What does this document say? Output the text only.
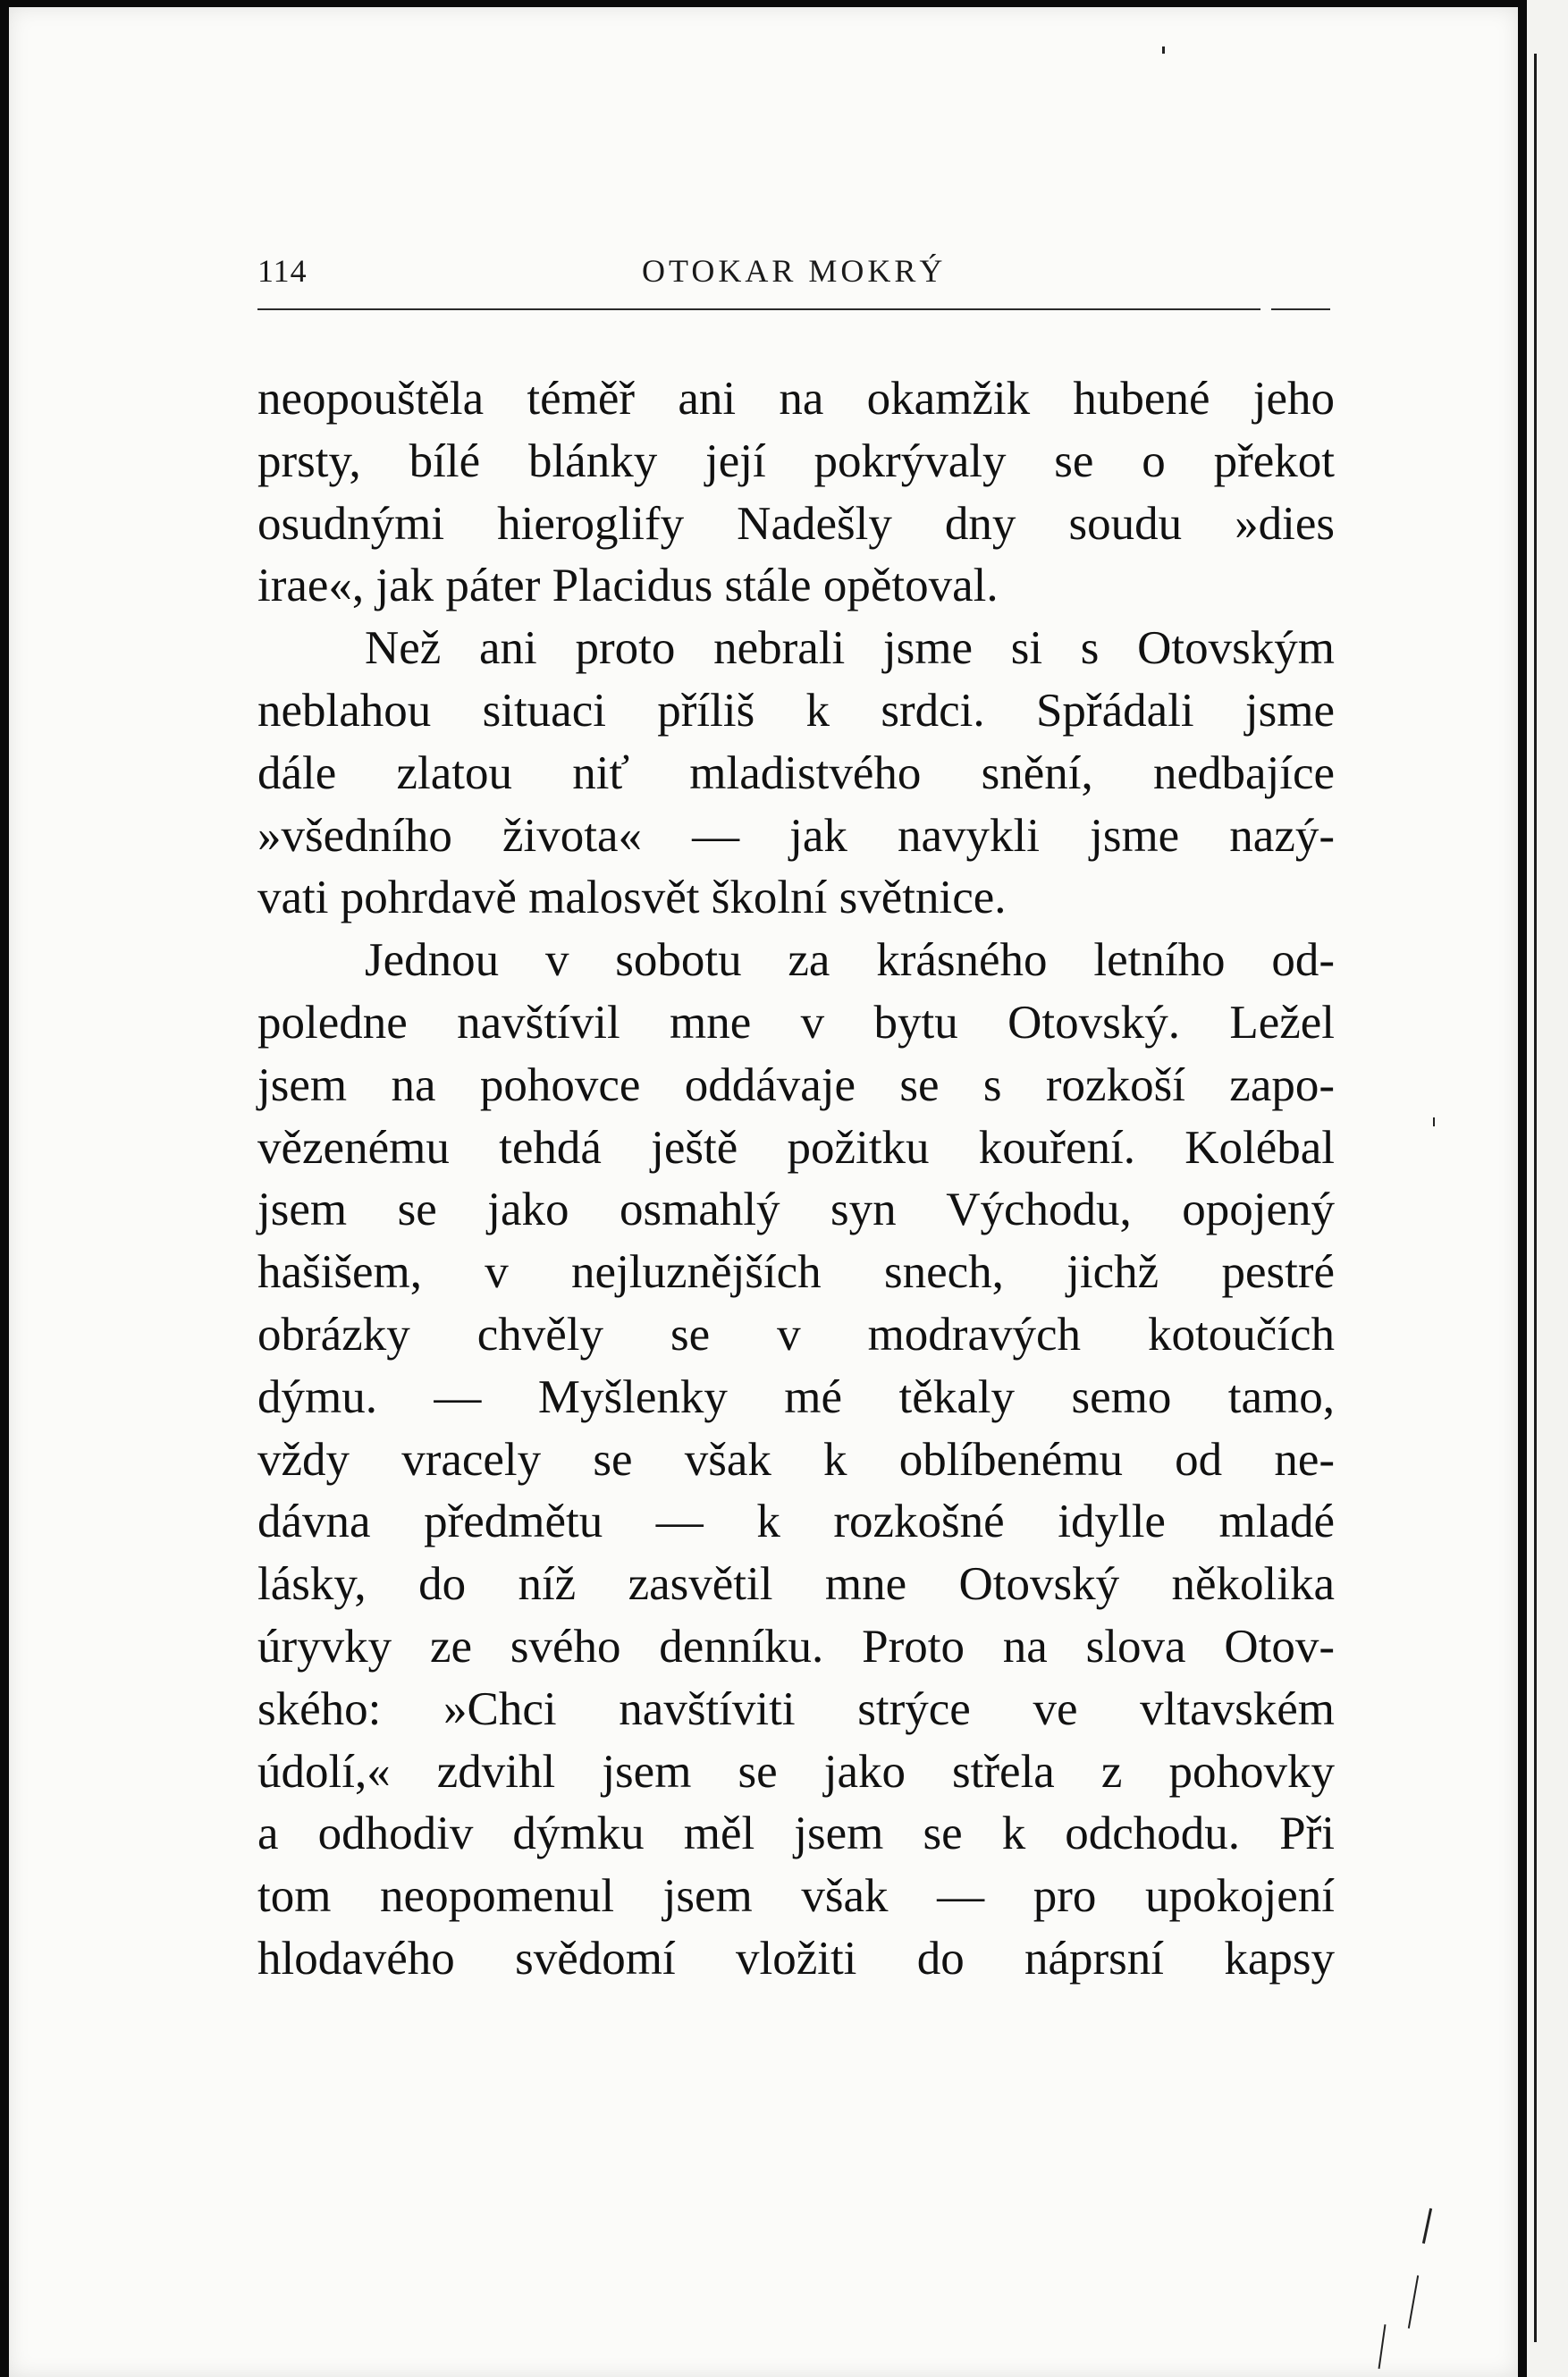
114	OTOKAR MOKRÝ
neopouštěla téměř ani na okamžik hubené jeho
prsty, bílé blánky její pokrývaly se o překot
osudnými hieroglify Nadešly dny soudu »dies
irae«, jak páter Placidus stále opětoval.
Než ani proto nebrali jsme si s Otovským
neblahou situaci příliš k srdci. Spřádali jsme
dále zlatou niť mladistvého snění, nedbajíce
»všedního života« — jak navykli jsme nazý-
vati pohrdavě malosvět školní světnice.
Jednou v sobotu za krásného letního od-
poledne navštívil mne v bytu Otovský. Ležel
jsem na pohovce oddávaje se s rozkoší zapo-
vězenému tehdá ještě požitku kouření. Kolébal
jsem se jako osmahlý syn Východu, opojený
hašišem, v nejluznějších snech, jichž pestré
obrázky chvěly se v modravých kotoučích
dýmu. — Myšlenky mé těkaly semo tamo,
vždy vracely se však k oblíbenému od ne-
dávna předmětu — k rozkošné idylle mladé
lásky, do níž zasvětil mne Otovský několika
úryvky ze svého denníku. Proto na slova Otov-
ského: »Chci navštíviti strýce ve vltavském
údolí,« zdvihl jsem se jako střela z pohovky
a odhodiv dýmku měl jsem se k odchodu. Při
tom neopomenul jsem však — pro upokojení
hlodavého svědomí vložiti do náprsní kapsy
